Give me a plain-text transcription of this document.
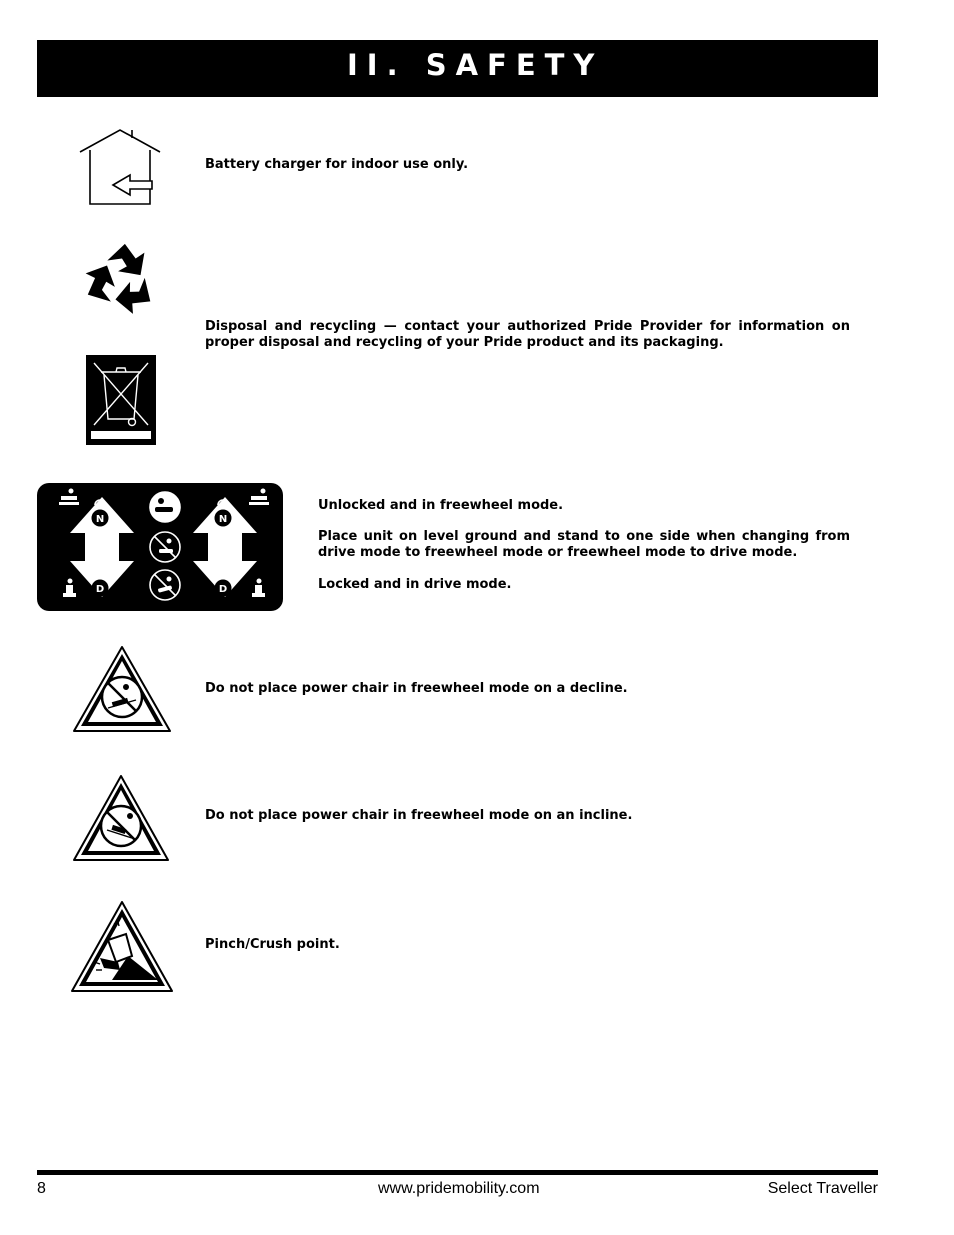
II. SAFETY

Battery charger for indoor use only.

Disposal and recycling — contact your authorized Pride Provider for information on proper disposal and recycling of your Pride product and its packaging.

N
D
N
D

Unlocked and in freewheel mode.

Place unit on level ground and stand to one side when changing from drive mode to freewheel mode or freewheel mode to drive mode.

Locked and in drive mode.

Do not place power chair in freewheel mode on a decline.

Do not place power chair in freewheel mode on an incline.

Pinch/Crush point.

8	www.pridemobility.com	Select Traveller
